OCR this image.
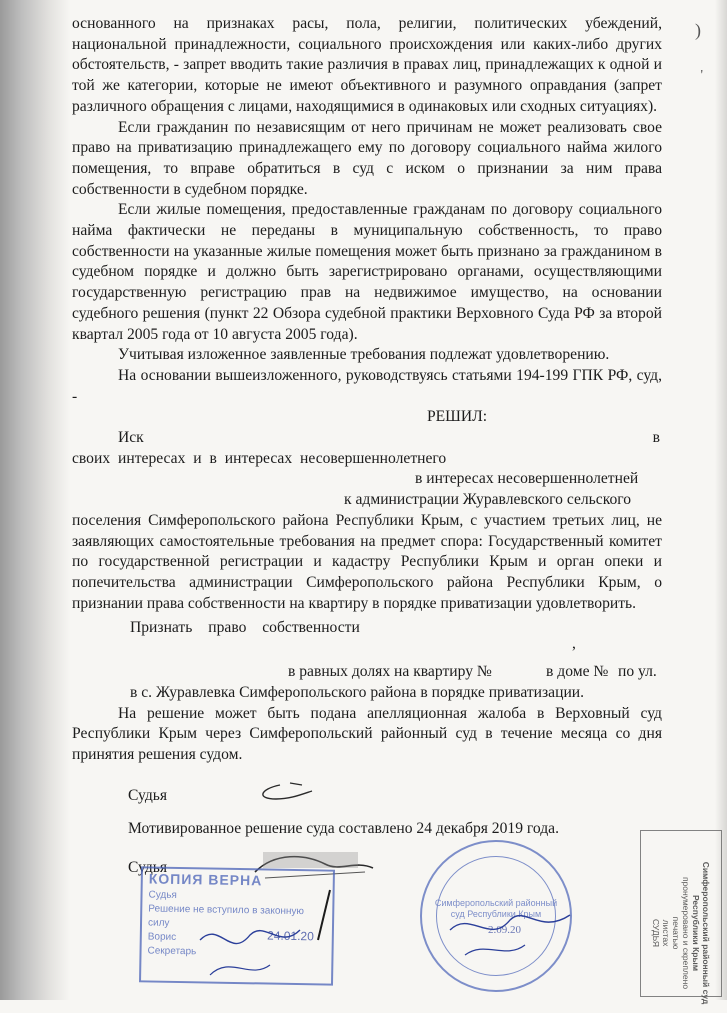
)
'

основанного на признаках расы, пола, религии, политических убеждений, национальной принадлежности, социального происхождения или каких-либо других обстоятельств, - запрет вводить такие различия в правах лиц, принадлежащих к одной и той же категории, которые не имеют объективного и разумного оправдания (запрет различного обращения с лицами, находящимися в одинаковых или сходных ситуациях).

Если гражданин по независящим от него причинам не может реализовать свое право на приватизацию принадлежащего ему по договору социального найма жилого помещения, то вправе обратиться в суд с иском о признании за ним права собственности в судебном порядке.

Если жилые помещения, предоставленные гражданам по договору социального найма фактически не переданы в муниципальную собственность, то право собственности на указанные жилые помещения может быть признано за гражданином в судебном порядке и должно быть зарегистрировано органами, осуществляющими государственную регистрацию прав на недвижимое имущество, на основании судебного решения (пункт 22 Обзора судебной практики Верховного Суда РФ за второй квартал 2005 года от 10 августа 2005 года).

Учитывая изложенное заявленные требования подлежат удовлетворению.

На основании вышеизложенного, руководствуясь статьями 194-199 ГПК РФ, суд, -

РЕШИЛ:

Иск	в
своих интересах и в интересах несовершеннолетнего
в интересах несовершеннолетней
к администрации Журавлевского сельского

поселения Симферопольского района Республики Крым, с участием третьих лиц, не заявляющих самостоятельные требования на предмет спора: Государственный комитет по государственной регистрации и кадастру Республики Крым и орган опеки и попечительства администрации Симферопольского района Республики Крым, о признании права собственности на квартиру в порядке приватизации удовлетворить.

Признать право собственности
,
в равных долях на квартиру №	в доме № по ул.
в с. Журавлевка Симферопольского района в порядке приватизации.

На решение может быть подана апелляционная жалоба в Верховный суд Республики Крым через Симферопольский районный суд в течение месяца со дня принятия решения судом.

Судья
Мотивированное решение суда составлено 24 декабря 2019 года.
Судья
КОПИЯ ВЕРНА
Судья
Решение не вступило в законную
силу
Ворис
Секретарь
24.01.20
Симферопольский районный суд Республики Крым
2.09.20	Симферопольский районный суд Республики Крым
пронумеровано и скреплено
печатью
листах
СУДЬЯ
